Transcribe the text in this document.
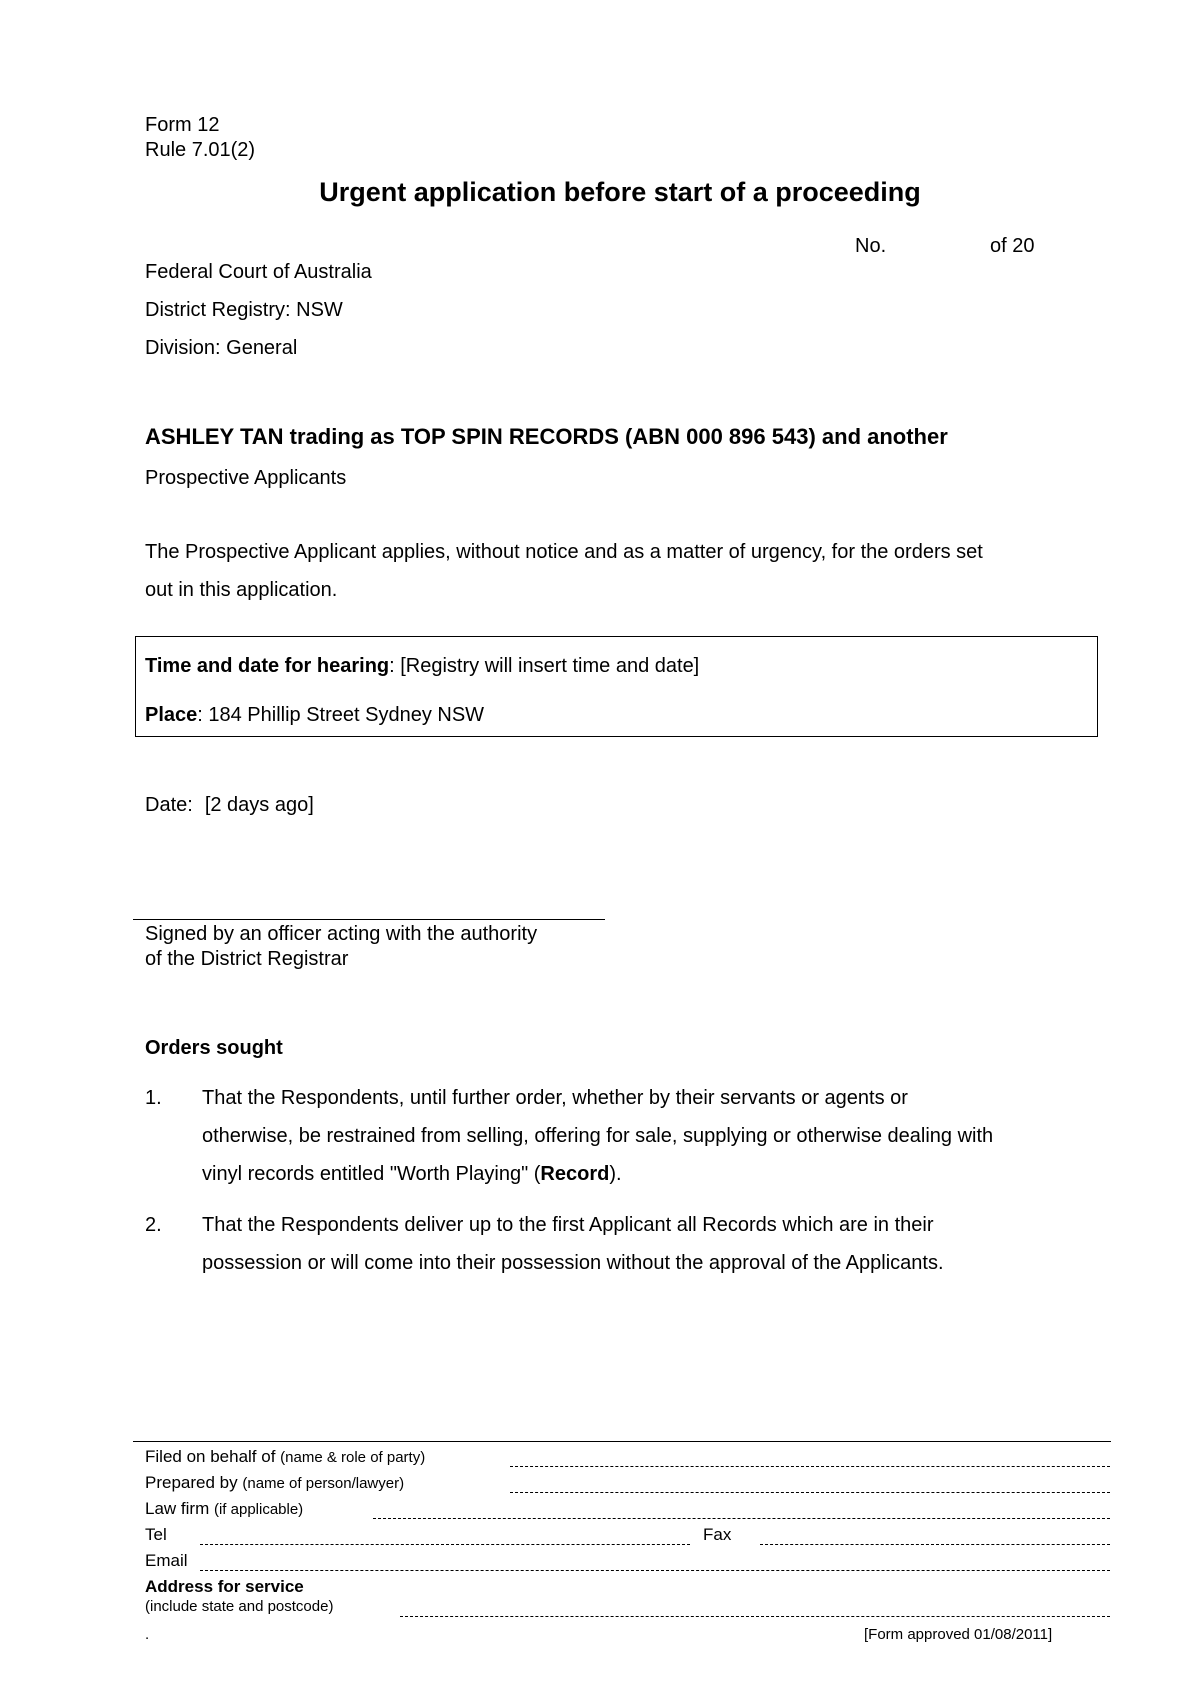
Form 12
Rule 7.01(2)
Urgent application before start of a proceeding
No.	of 20
Federal Court of Australia
District Registry: NSW
Division: General
ASHLEY TAN trading as TOP SPIN RECORDS (ABN 000 896 543) and another
Prospective Applicants
The Prospective Applicant applies, without notice and as a matter of urgency, for the orders set
out in this application.
Time and date for hearing: [Registry will insert time and date]
Place: 184 Phillip Street Sydney NSW
Date: [2 days ago]
Signed by an officer acting with the authority
of the District Registrar
Orders sought
1. That the Respondents, until further order, whether by their servants or agents or
otherwise, be restrained from selling, offering for sale, supplying or otherwise dealing with
vinyl records entitled "Worth Playing" (Record).
2. That the Respondents deliver up to the first Applicant all Records which are in their
possession or will come into their possession without the approval of the Applicants.
Filed on behalf of (name & role of party)
Prepared by (name of person/lawyer)
Law firm (if applicable)
Tel	Fax
Email
Address for service
(include state and postcode)
.	[Form approved 01/08/2011]
